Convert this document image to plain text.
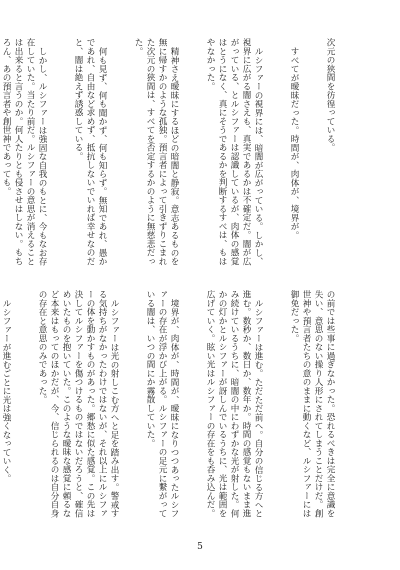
次元の狭間を彷徨っている。

すべてが曖昧だった。時間が、肉体が、境界が。

ルシファーの視界には、暗闇が広がっている。しかし、視界に広がる闇さえも、真実であるかは不確定だ。闇が広がっている、とルシファーは認識しているが、肉体の感覚はとうになく、真にそうであるかを判断するすべは、もはやなかった。

精神さえ曖昧にするほどの暗闇と静寂。意志あるものを無に帰すかのような孤独。預言者によって引きずりこまれた次元の狭間は、すべてを否定するかのように無慈悲だった。

何も見ず、何も聞かず、何も知らず。無知であれ、愚かであれ、自由など求めず、抵抗しないでいれば幸せなのだと、闇は絶えず誘惑している。

しかし、ルシファーは強固な自我のもとに、今もなお存在していた。当たり前だ。ルシファーの意思が消えることは出来ると言うのか。何人たりとも侵させはしない。もちろん、あの預言者や創世神であっても。

の前では些事に過ぎなかった。恐れるべきは完全に意識を失い、意思のない操り人形にされてしまうことだけだ。創世神や預言者たちの意のままに動くなど、ルシファーには御免だった。

ルシファーは進む。ただただ前へ。自分の信じる方へと進む。数秒か、数日か、数年か。時間の感覚もないまま進み続けているうちに、暗闇の中にわずかな光が射した。何かの灯かとルシファーが訝しんでいるうちに、光は範囲を広げていく。眩い光はルシファーの存在をも呑み込んだ。

境界が、肉体が、時間が、曖昧になりつつあったルシファーの存在が浮かび上がる。ルシファーの足元に繋がっている闇は、いつの間にか霧散していた。

ルシファーは光の射しこむ方へと足を踏み出す。警戒する気持ちがなかったわけではないが、それ以上にルシファーの体を動かすものがあった。郷愁に似た感覚。この先は決してルシファーを傷つけるものではないだろうと、確信めいたものを抱いていた。このような曖昧な感覚に頼るなど本来はもってのほかだが、今、信じられるのは自分自身の存在と意思のみであった。

ルシファーが進むごとに光は強くなっていく。

5
